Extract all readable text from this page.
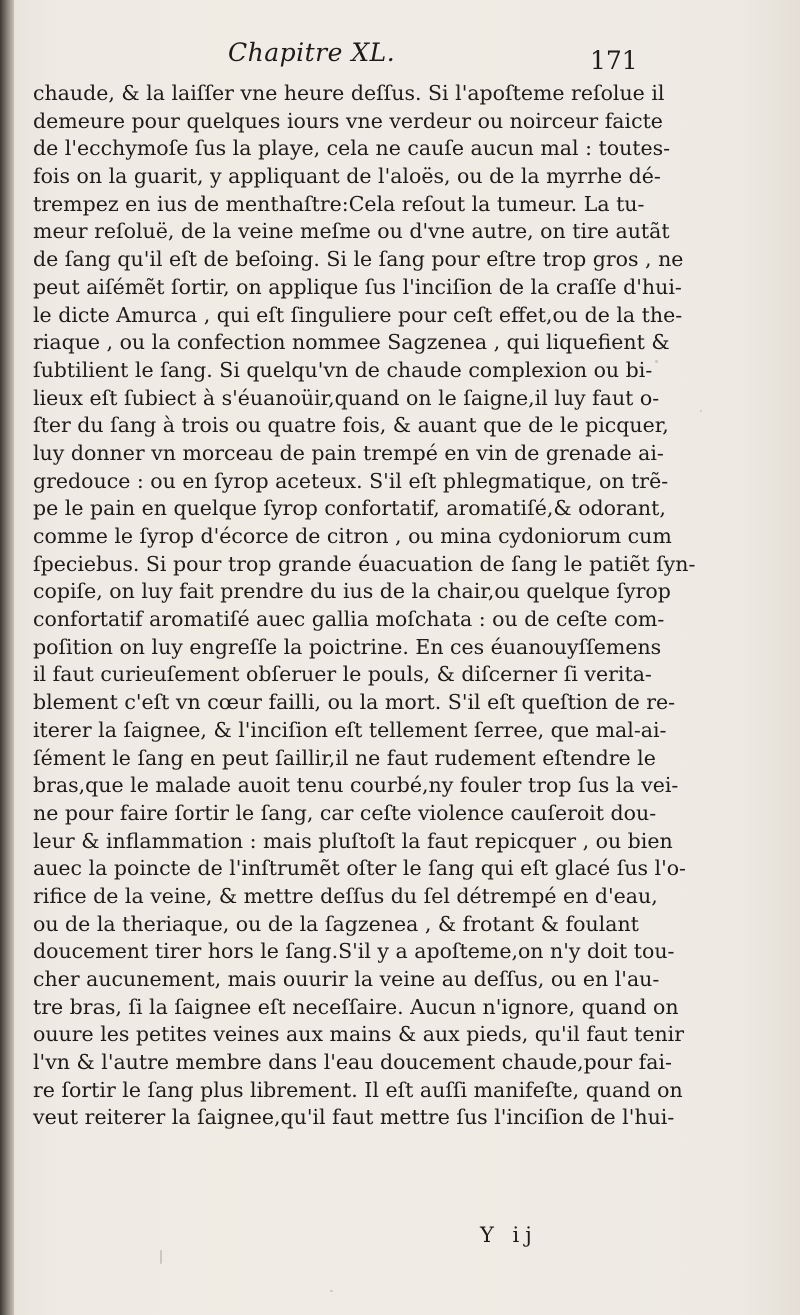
Chapitre XL.	171
chaude, & la laiſſer vne heure deſſus. Si l'apoſteme reſolue il
demeure pour quelques iours vne verdeur ou noirceur faicte
de l'ecchymoſe ſus la playe, cela ne cauſe aucun mal : toutes-
fois on la guarit, y appliquant de l'aloës, ou de la myrrhe dé-
trempez en ius de menthaſtre:Cela reſout la tumeur. La tu-
meur reſoluë, de la veine meſme ou d'vne autre, on tire autãt
de ſang qu'il eſt de beſoing. Si le ſang pour eſtre trop gros , ne
peut aiſémẽt ſortir, on applique ſus l'inciſion de la craſſe d'hui-
le dicte Amurca , qui eſt ſinguliere pour ceſt effet,ou de la the-
riaque , ou la confection nommee Sagzenea , qui liquefient &
ſubtilient le ſang. Si quelqu'vn de chaude complexion ou bi-
lieux eſt ſubiect à s'éuanoüir,quand on le ſaigne,il luy faut o-
ſter du ſang à trois ou quatre fois, & auant que de le picquer,
luy donner vn morceau de pain trempé en vin de grenade ai-
gredouce : ou en ſyrop aceteux. S'il eſt phlegmatique, on trẽ-
pe le pain en quelque ſyrop confortatif, aromatiſé,& odorant,
comme le ſyrop d'écorce de citron , ou mina cydoniorum cum
ſpeciebus. Si pour trop grande éuacuation de ſang le patiẽt ſyn-
copiſe, on luy fait prendre du ius de la chair,ou quelque ſyrop
confortatif aromatiſé auec gallia moſchata : ou de ceſte com-
poſition on luy engreſſe la poictrine. En ces éuanouyſſemens
il faut curieuſement obſeruer le pouls, & diſcerner ſi verita-
blement c'eſt vn cœur failli, ou la mort. S'il eſt queſtion de re-
iterer la ſaignee, & l'inciſion eſt tellement ſerree, que mal-ai-
ſément le ſang en peut ſaillir,il ne faut rudement eſtendre le
bras,que le malade auoit tenu courbé,ny fouler trop ſus la vei-
ne pour faire ſortir le ſang, car ceſte violence cauſeroit dou-
leur & inflammation : mais pluſtoſt la faut repicquer , ou bien
auec la poincte de l'inſtrumẽt oſter le ſang qui eſt glacé ſus l'o-
rifice de la veine, & mettre deſſus du ſel détrempé en d'eau,
ou de la theriaque, ou de la ſagzenea , & frotant & foulant
doucement tirer hors le ſang.S'il y a apoſteme,on n'y doit tou-
cher aucunement, mais ouurir la veine au deſſus, ou en l'au-
tre bras, ſi la ſaignee eſt neceſſaire. Aucun n'ignore, quand on
ouure les petites veines aux mains & aux pieds, qu'il faut tenir
l'vn & l'autre membre dans l'eau doucement chaude,pour fai-
re ſortir le ſang plus librement. Il eſt auſſi manifeſte, quand on
veut reiterer la ſaignee,qu'il faut mettre ſus l'inciſion de l'hui-
Y ij
